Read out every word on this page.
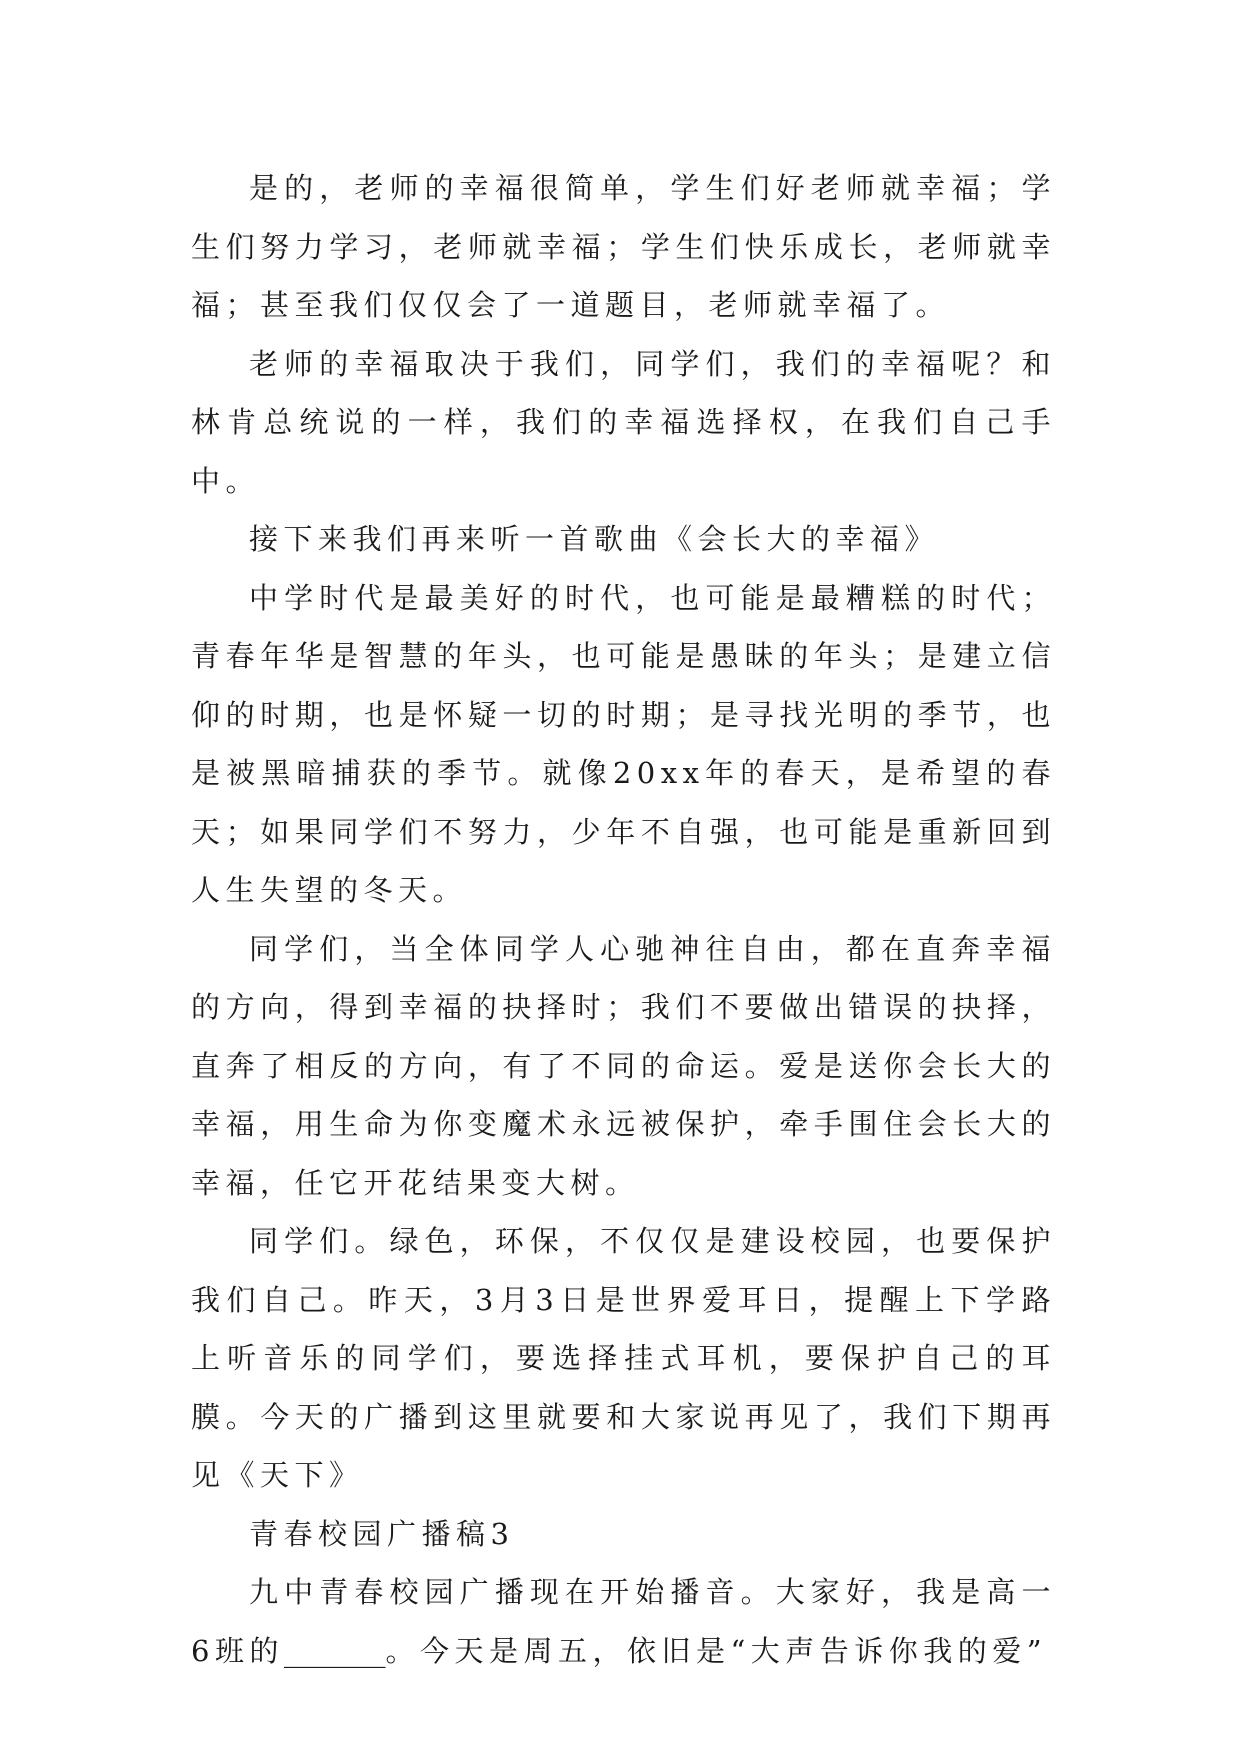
是的，老师的幸福很简单，学生们好老师就幸福；学生们努力学习，老师就幸福；学生们快乐成长，老师就幸福；甚至我们仅仅会了一道题目，老师就幸福了。

老师的幸福取决于我们，同学们，我们的幸福呢？和林肯总统说的一样，我们的幸福选择权，在我们自己手中。

接下来我们再来听一首歌曲《会长大的幸福》

中学时代是最美好的时代，也可能是最糟糕的时代；青春年华是智慧的年头，也可能是愚昧的年头；是建立信仰的时期，也是怀疑一切的时期；是寻找光明的季节，也是被黑暗捕获的季节。就像20xx年的春天，是希望的春天；如果同学们不努力，少年不自强，也可能是重新回到人生失望的冬天。

同学们，当全体同学人心驰神往自由，都在直奔幸福的方向，得到幸福的抉择时；我们不要做出错误的抉择，直奔了相反的方向，有了不同的命运。爱是送你会长大的幸福，用生命为你变魔术永远被保护，牵手围住会长大的幸福，任它开花结果变大树。

同学们。绿色，环保，不仅仅是建设校园，也要保护我们自己。昨天，3月3日是世界爱耳日，提醒上下学路上听音乐的同学们，要选择挂式耳机，要保护自己的耳膜。今天的广播到这里就要和大家说再见了，我们下期再见《天下》

青春校园广播稿3

九中青春校园广播现在开始播音。大家好，我是高一6班的_______。今天是周五，依旧是“大声告诉你我的爱”
